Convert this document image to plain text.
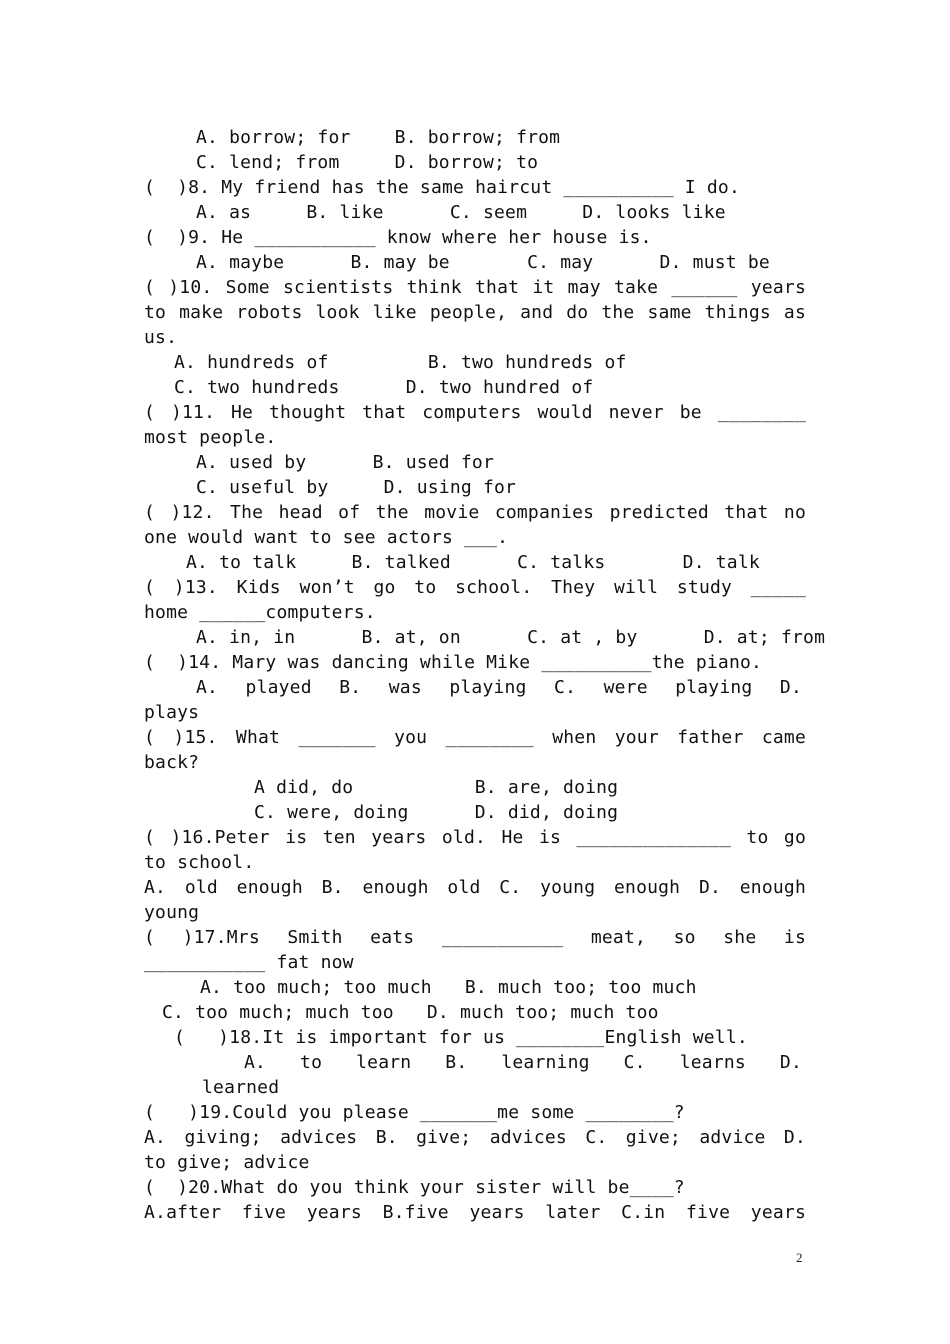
A. borrow; for    B. borrow; from
C. lend; from     D. borrow; to
(  )8. My friend has the same haircut __________ I do.
A. as     B. like      C. seem     D. looks like
(  )9. He ___________ know where her house is.
A. maybe      B. may be       C. may      D. must be
( )10. Some scientists think that it may take ______ years
to make robots look like people, and do the same things as
us.
A. hundreds of         B. two hundreds of
C. two hundreds      D. two hundred of
( )11. He thought that computers would never be ________
most people.
A. used by      B. used for
C. useful by     D. using for
( )12. The head of the movie companies predicted that no
one would want to see actors ___.
A. to talk     B. talked      C. talks       D. talk
( )13. Kids won’t go to school. They will study _____
home ______computers.
A. in, in      B. at, on      C. at , by      D. at; from
(  )14. Mary was dancing while Mike __________the piano.
A. played B. was playing C. were playing D.
plays
( )15. What _______ you ________ when your father came
back?
A did, do           B. are, doing
C. were, doing      D. did, doing
( )16.Peter is ten years old. He is ______________ to go
to school.
A. old enough B. enough old C. young enough D. enough
young
( )17.Mrs Smith eats ___________ meat, so she is
___________ fat now
A. too much; too much   B. much too; too much
C. too much; much too   D. much too; much too
(   )18.It is important for us ________English well.
A. to learn B. learning C. learns D.
learned
(   )19.Could you please _______me some ________?
A. giving; advices B. give; advices C. give; advice D.
to give; advice
(  )20.What do you think your sister will be____?
A.after five years B.five years later C.in five years
2
